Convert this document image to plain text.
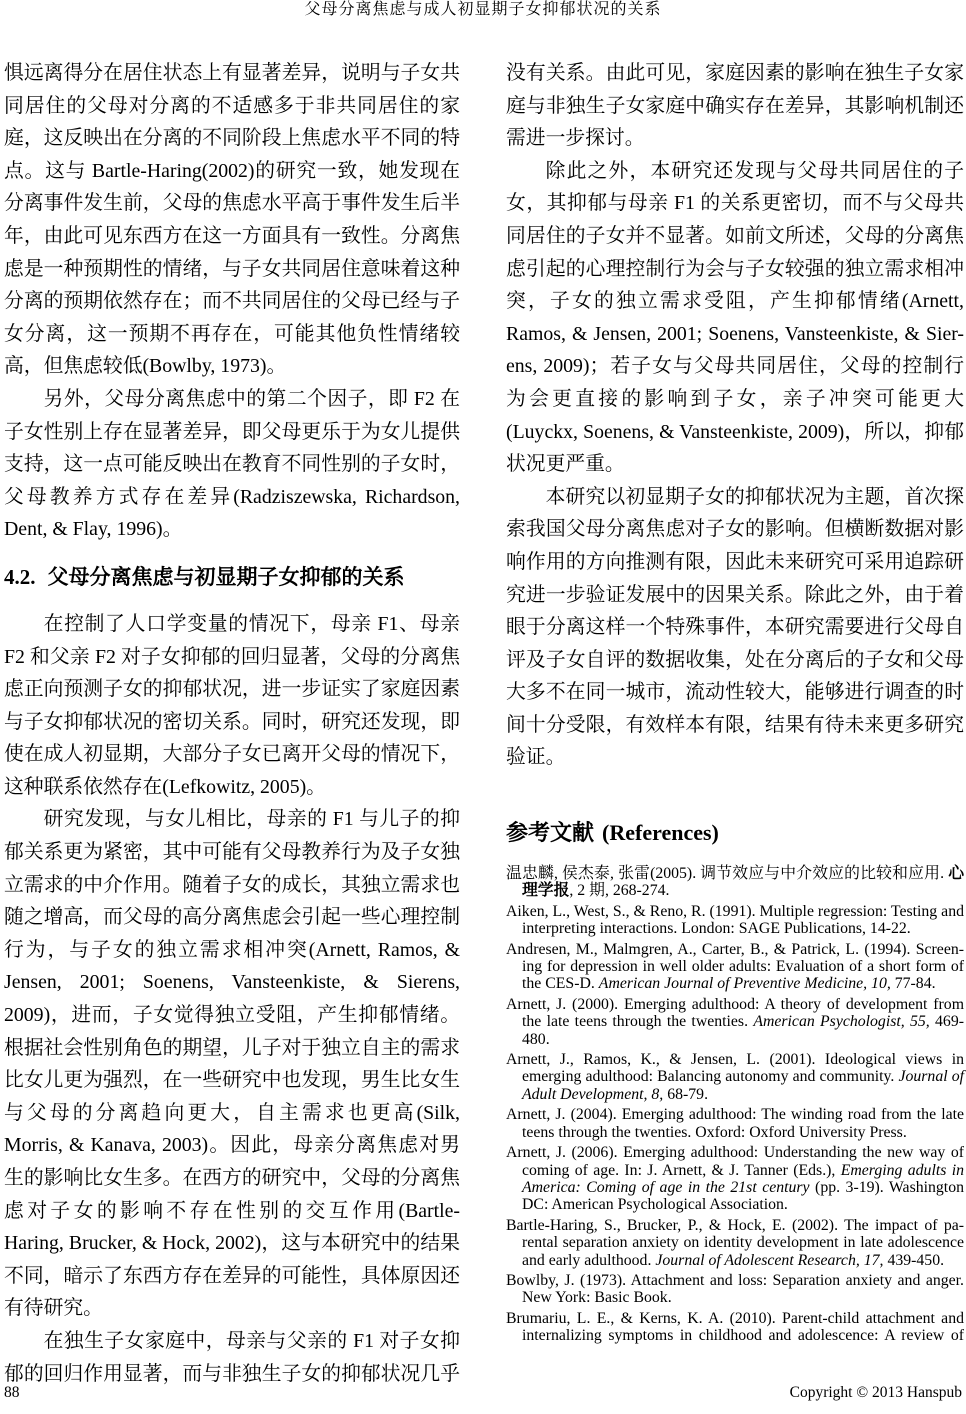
父母分离焦虑与成人初显期子女抑郁状况的关系

惧远离得分在居住状态上有显著差异，说明与子女共同居住的父母对分离的不适感多于非共同居住的家庭，这反映出在分离的不同阶段上焦虑水平不同的特点。这与 Bartle-Haring(2002)的研究一致，她发现在分离事件发生前，父母的焦虑水平高于事件发生后半年，由此可见东西方在这一方面具有一致性。分离焦虑是一种预期性的情绪，与子女共同居住意味着这种分离的预期依然存在；而不共同居住的父母已经与子女分离，这一预期不再存在，可能其他负性情绪较高，但焦虑较低(Bowlby, 1973)。

另外，父母分离焦虑中的第二个因子，即 F2 在子女性别上存在显著差异，即父母更乐于为女儿提供支持，这一点可能反映出在教育不同性别的子女时，父母教养方式存在差异(Radziszewska, Richardson, Dent, & Flay, 1996)。

4.2. 父母分离焦虑与初显期子女抑郁的关系

在控制了人口学变量的情况下，母亲 F1、母亲 F2 和父亲 F2 对子女抑郁的回归显著，父母的分离焦虑正向预测子女的抑郁状况，进一步证实了家庭因素与子女抑郁状况的密切关系。同时，研究还发现，即使在成人初显期，大部分子女已离开父母的情况下，这种联系依然存在(Lefkowitz, 2005)。

研究发现，与女儿相比，母亲的 F1 与儿子的抑郁关系更为紧密，其中可能有父母教养行为及子女独立需求的中介作用。随着子女的成长，其独立需求也随之增高，而父母的高分离焦虑会引起一些心理控制行为，与子女的独立需求相冲突(Arnett, Ramos, & Jensen, 2001; Soenens, Vansteenkiste, & Sierens, 2009)，进而，子女觉得独立受阻，产生抑郁情绪。根据社会性别角色的期望，儿子对于独立自主的需求比女儿更为强烈，在一些研究中也发现，男生比女生与父母的分离趋向更大，自主需求也更高(Silk, Morris, & Kanava, 2003)。因此，母亲分离焦虑对男生的影响比女生多。在西方的研究中，父母的分离焦虑对子女的影响不存在性别的交互作用(Bartle-Haring, Brucker, & Hock, 2002)，这与本研究中的结果不同，暗示了东西方存在差异的可能性，具体原因还有待研究。

在独生子女家庭中，母亲与父亲的 F1 对子女抑郁的回归作用显著，而与非独生子女的抑郁状况几乎

没有关系。由此可见，家庭因素的影响在独生子女家庭与非独生子女家庭中确实存在差异，其影响机制还需进一步探讨。

除此之外，本研究还发现与父母共同居住的子女，其抑郁与母亲 F1 的关系更密切，而不与父母共同居住的子女并不显著。如前文所述，父母的分离焦虑引起的心理控制行为会与子女较强的独立需求相冲突，子女的独立需求受阻，产生抑郁情绪(Arnett, Ramos, & Jensen, 2001; Soenens, Vansteenkiste, & Sier-ens, 2009)；若子女与父母共同居住，父母的控制行为会更直接的影响到子女，亲子冲突可能更大(Luyckx, Soenens, & Vansteenkiste, 2009)，所以，抑郁状况更严重。

本研究以初显期子女的抑郁状况为主题，首次探索我国父母分离焦虑对子女的影响。但横断数据对影响作用的方向推测有限，因此未来研究可采用追踪研究进一步验证发展中的因果关系。除此之外，由于着眼于分离这样一个特殊事件，本研究需要进行父母自评及子女自评的数据收集，处在分离后的子女和父母大多不在同一城市，流动性较大，能够进行调查的时间十分受限，有效样本有限，结果有待未来更多研究验证。

参考文献 (References)
温忠麟, 侯杰泰, 张雷(2005). 调节效应与中介效应的比较和应用. 心理学报, 2 期, 268-274.
Aiken, L., West, S., & Reno, R. (1991). Multiple regression: Testing and interpreting interactions. London: SAGE Publications, 14-22.
Andresen, M., Malmgren, A., Carter, B., & Patrick, L. (1994). Screen-ing for depression in well older adults: Evaluation of a short form of the CES-D. American Journal of Preventive Medicine, 10, 77-84.
Arnett, J. (2000). Emerging adulthood: A theory of development from the late teens through the twenties. American Psychologist, 55, 469-480.
Arnett, J., Ramos, K., & Jensen, L. (2001). Ideological views in emerging adulthood: Balancing autonomy and community. Journal of Adult Development, 8, 68-79.
Arnett, J. (2004). Emerging adulthood: The winding road from the late teens through the twenties. Oxford: Oxford University Press.
Arnett, J. (2006). Emerging adulthood: Understanding the new way of coming of age. In: J. Arnett, & J. Tanner (Eds.), Emerging adults in America: Coming of age in the 21st century (pp. 3-19). Washington DC: American Psychological Association.
Bartle-Haring, S., Brucker, P., & Hock, E. (2002). The impact of pa-rental separation anxiety on identity development in late adolescence and early adulthood. Journal of Adolescent Research, 17, 439-450.
Bowlby, J. (1973). Attachment and loss: Separation anxiety and anger. New York: Basic Book.
Brumariu, L. E., & Kerns, K. A. (2010). Parent-child attachment and internalizing symptoms in childhood and adolescence: A review of
88	Copyright © 2013 Hanspub
